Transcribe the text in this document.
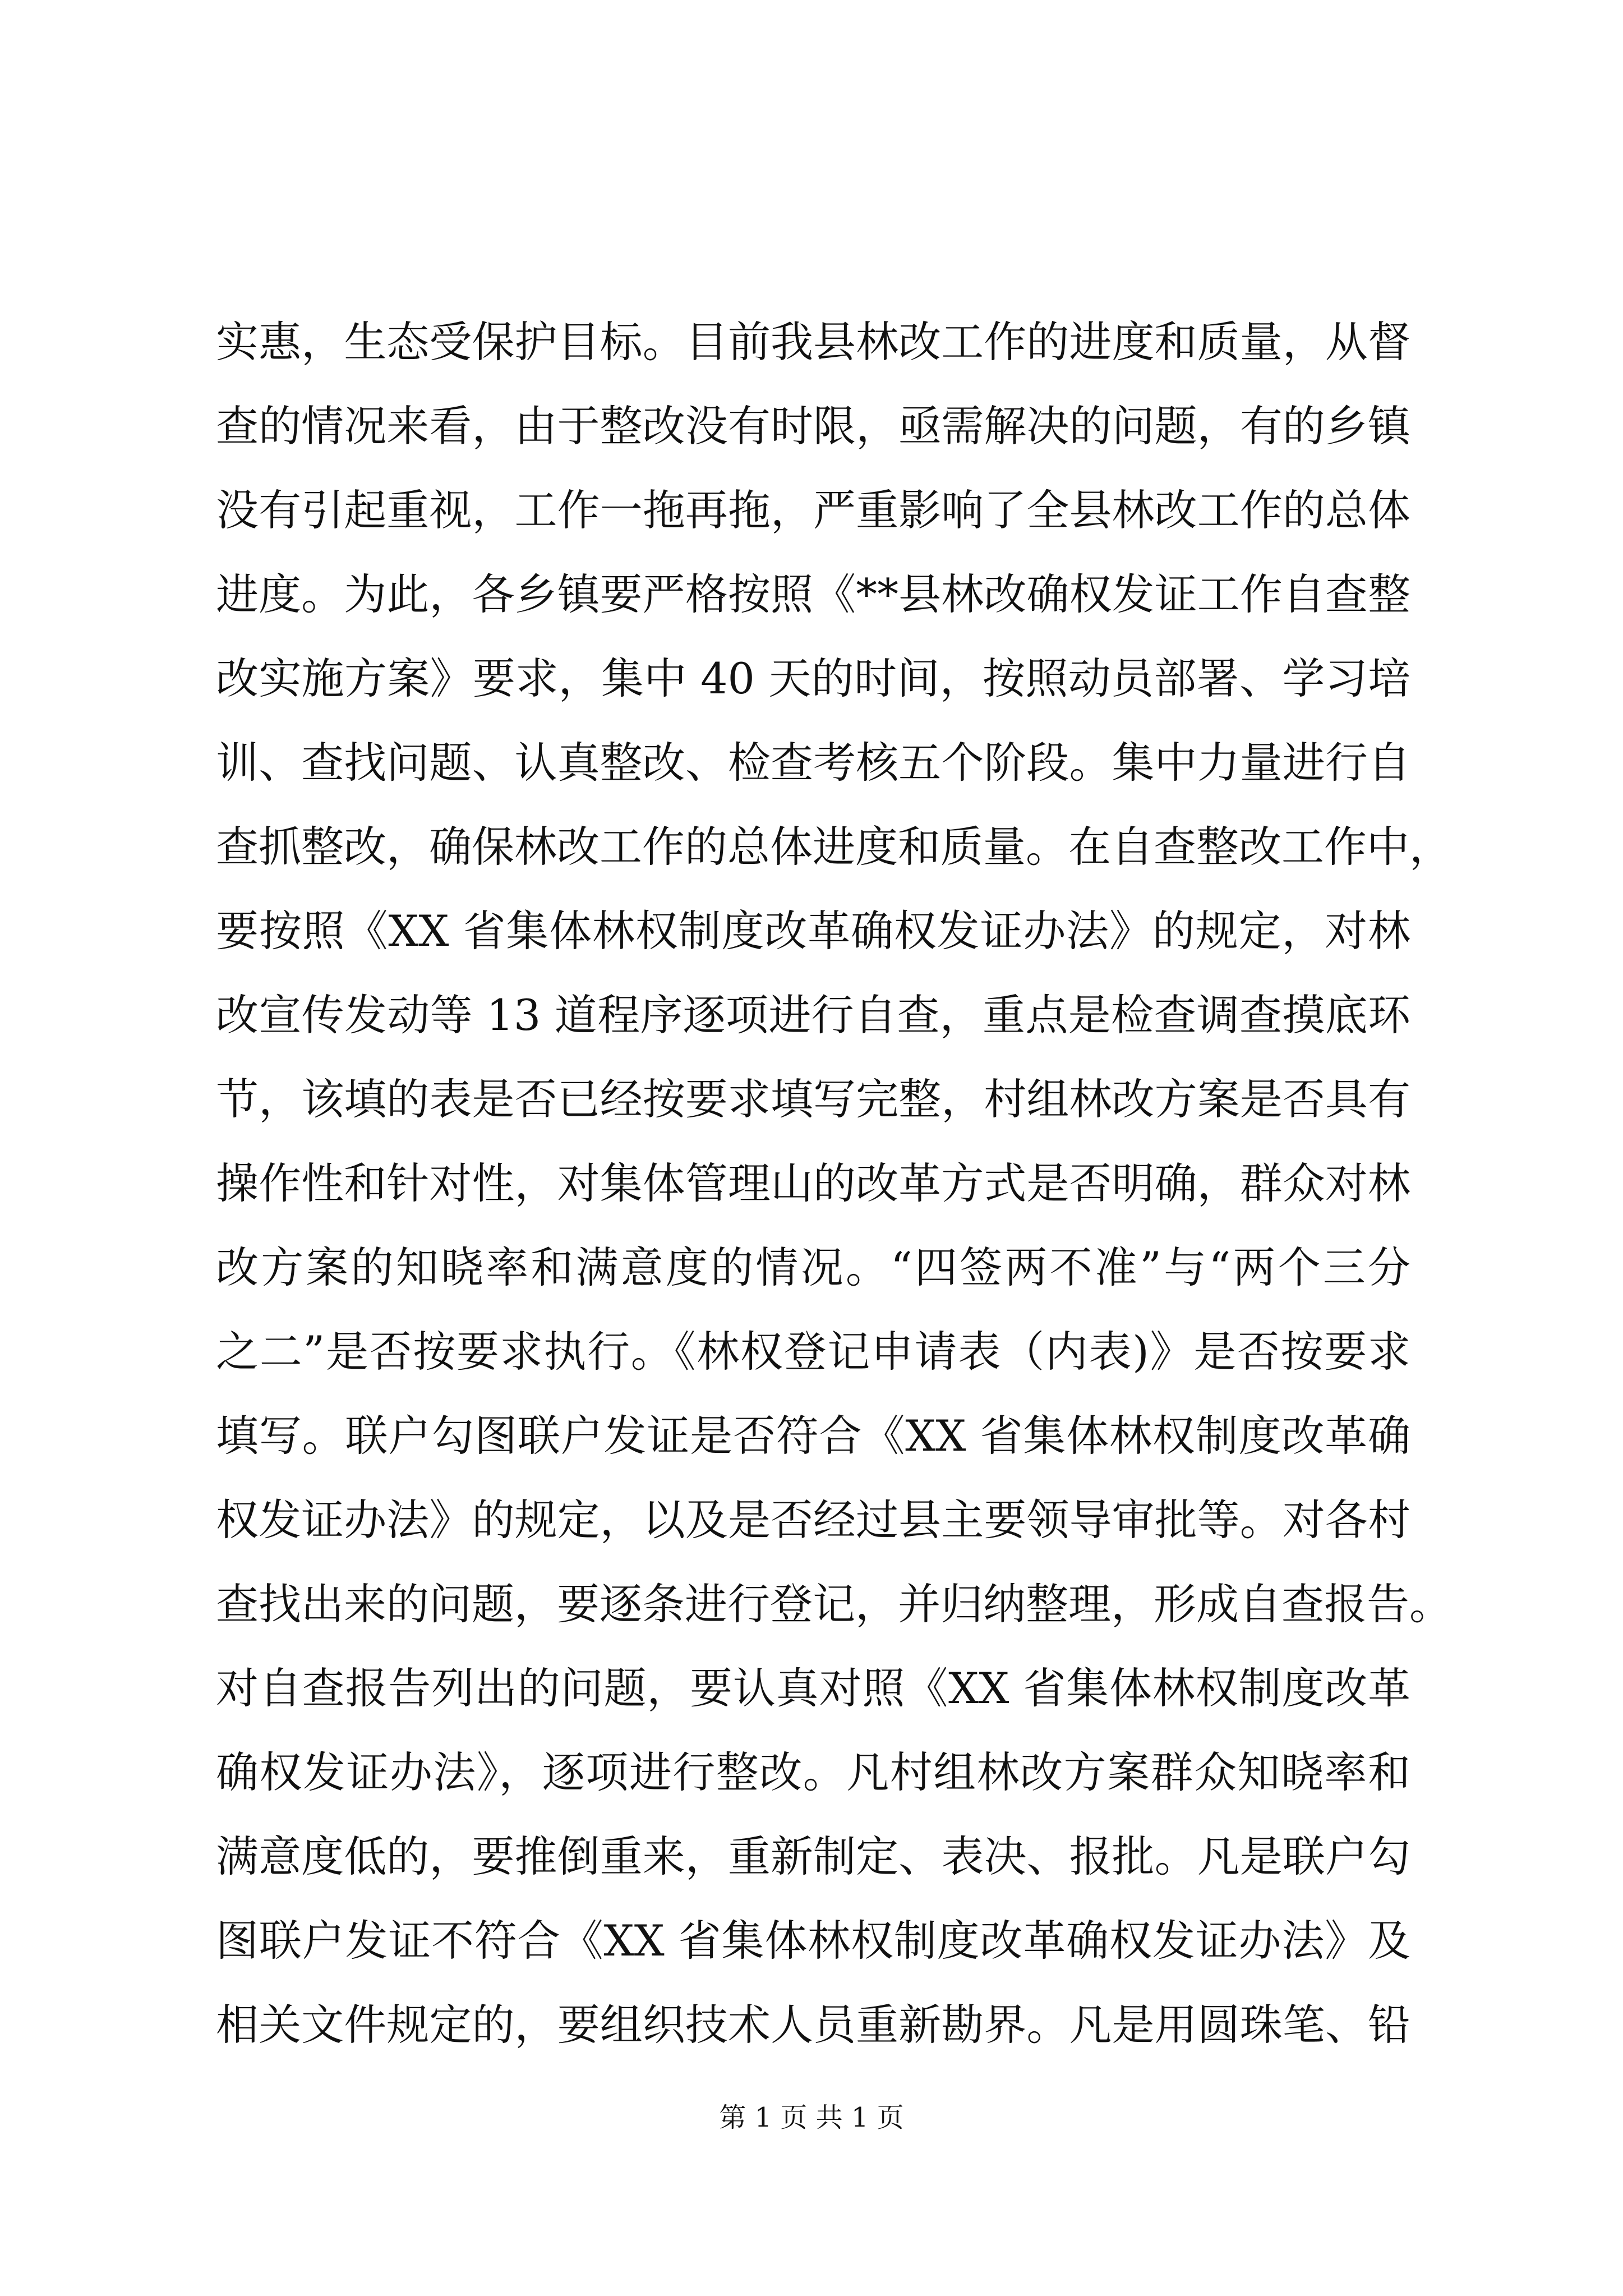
实惠，生态受保护目标。目前我县林改工作的进度和质量，从督
查的情况来看，由于整改没有时限，亟需解决的问题，有的乡镇
没有引起重视，工作一拖再拖，严重影响了全县林改工作的总体
进度。为此，各乡镇要严格按照《**县林改确权发证工作自查整
改实施方案》要求，集中 40 天的时间，按照动员部署、学习培
训、查找问题、认真整改、检查考核五个阶段。集中力量进行自
查抓整改，确保林改工作的总体进度和质量。在自查整改工作中，
要按照《XX 省集体林权制度改革确权发证办法》的规定，对林
改宣传发动等 13 道程序逐项进行自查，重点是检查调查摸底环
节，该填的表是否已经按要求填写完整，村组林改方案是否具有
操作性和针对性，对集体管理山的改革方式是否明确，群众对林
改方案的知晓率和满意度的情况。“四签两不准”与“两个三分
之二”是否按要求执行。《林权登记申请表（内表)》是否按要求
填写。联户勾图联户发证是否符合《XX 省集体林权制度改革确
权发证办法》的规定，以及是否经过县主要领导审批等。对各村
查找出来的问题，要逐条进行登记，并归纳整理，形成自查报告。
对自查报告列出的问题，要认真对照《XX 省集体林权制度改革
确权发证办法》，逐项进行整改。凡村组林改方案群众知晓率和
满意度低的，要推倒重来，重新制定、表决、报批。凡是联户勾
图联户发证不符合《XX 省集体林权制度改革确权发证办法》及
相关文件规定的，要组织技术人员重新勘界。凡是用圆珠笔、铅
第 1 页 共 1 页
